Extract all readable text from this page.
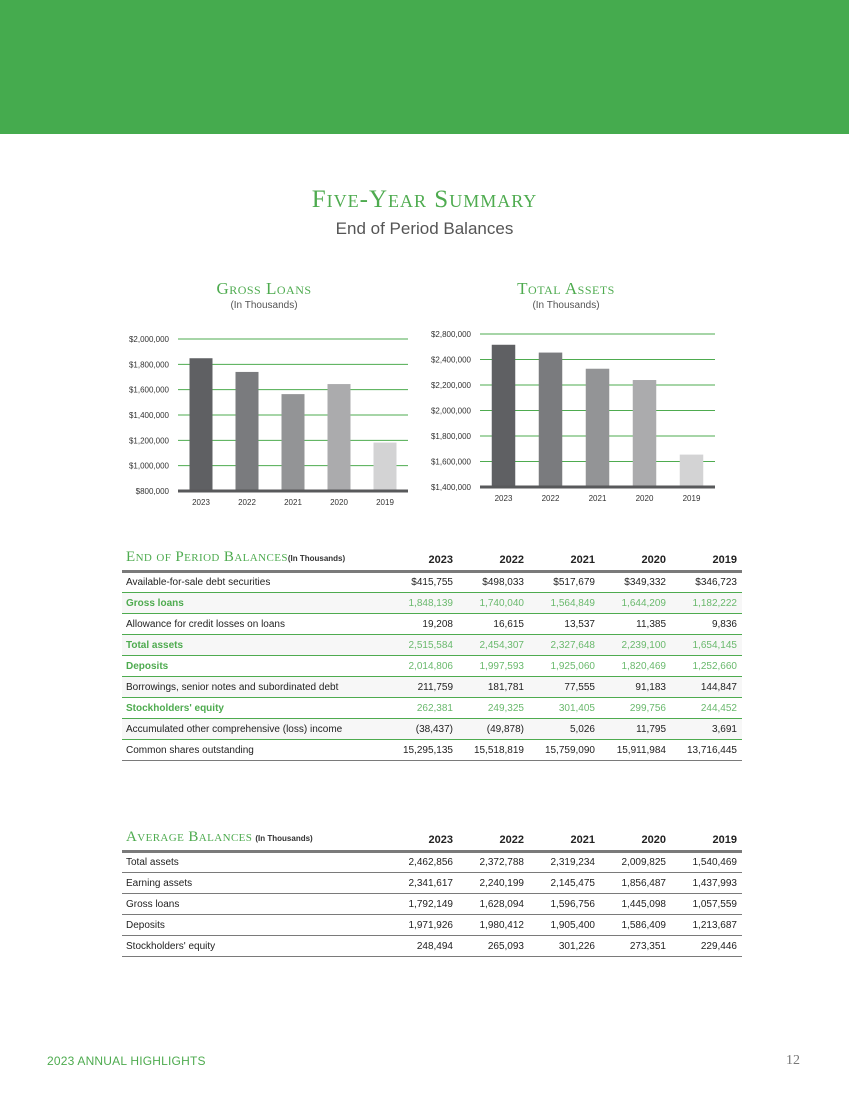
Five-Year Summary
End of Period Balances
Gross Loans
(In Thousands)
$800,000
$1,000,000
$1,200,000
$1,400,000
$1,600,000
$1,800,000
$2,000,000
2023	2022	2021	2020	2019
Total Assets
(In Thousands)
$1,400,000
$1,600,000
$1,800,000
$2,000,000
$2,200,000
$2,400,000
$2,800,000
2023	2022	2021	2020	2019
End of Period Balances(In Thousands)	2023	2022	2021	2020	2019
Available-for-sale debt securities	$415,755	$498,033	$517,679	$349,332	$346,723
Gross loans	1,848,139	1,740,040	1,564,849	1,644,209	1,182,222
Allowance for credit losses on loans	19,208	16,615	13,537	11,385	9,836
Total assets	2,515,584	2,454,307	2,327,648	2,239,100	1,654,145
Deposits	2,014,806	1,997,593	1,925,060	1,820,469	1,252,660
Borrowings, senior notes and subordinated debt	211,759	181,781	77,555	91,183	144,847
Stockholders' equity	262,381	249,325	301,405	299,756	244,452
Accumulated other comprehensive (loss) income	(38,437)	(49,878)	5,026	11,795	3,691
Common shares outstanding	15,295,135	15,518,819	15,759,090	15,911,984	13,716,445
Average Balances (In Thousands)	2023	2022	2021	2020	2019
Total assets	2,462,856	2,372,788	2,319,234	2,009,825	1,540,469
Earning assets	2,341,617	2,240,199	2,145,475	1,856,487	1,437,993
Gross loans	1,792,149	1,628,094	1,596,756	1,445,098	1,057,559
Deposits	1,971,926	1,980,412	1,905,400	1,586,409	1,213,687
Stockholders' equity	248,494	265,093	301,226	273,351	229,446
2023 ANNUAL HIGHLIGHTS	12
